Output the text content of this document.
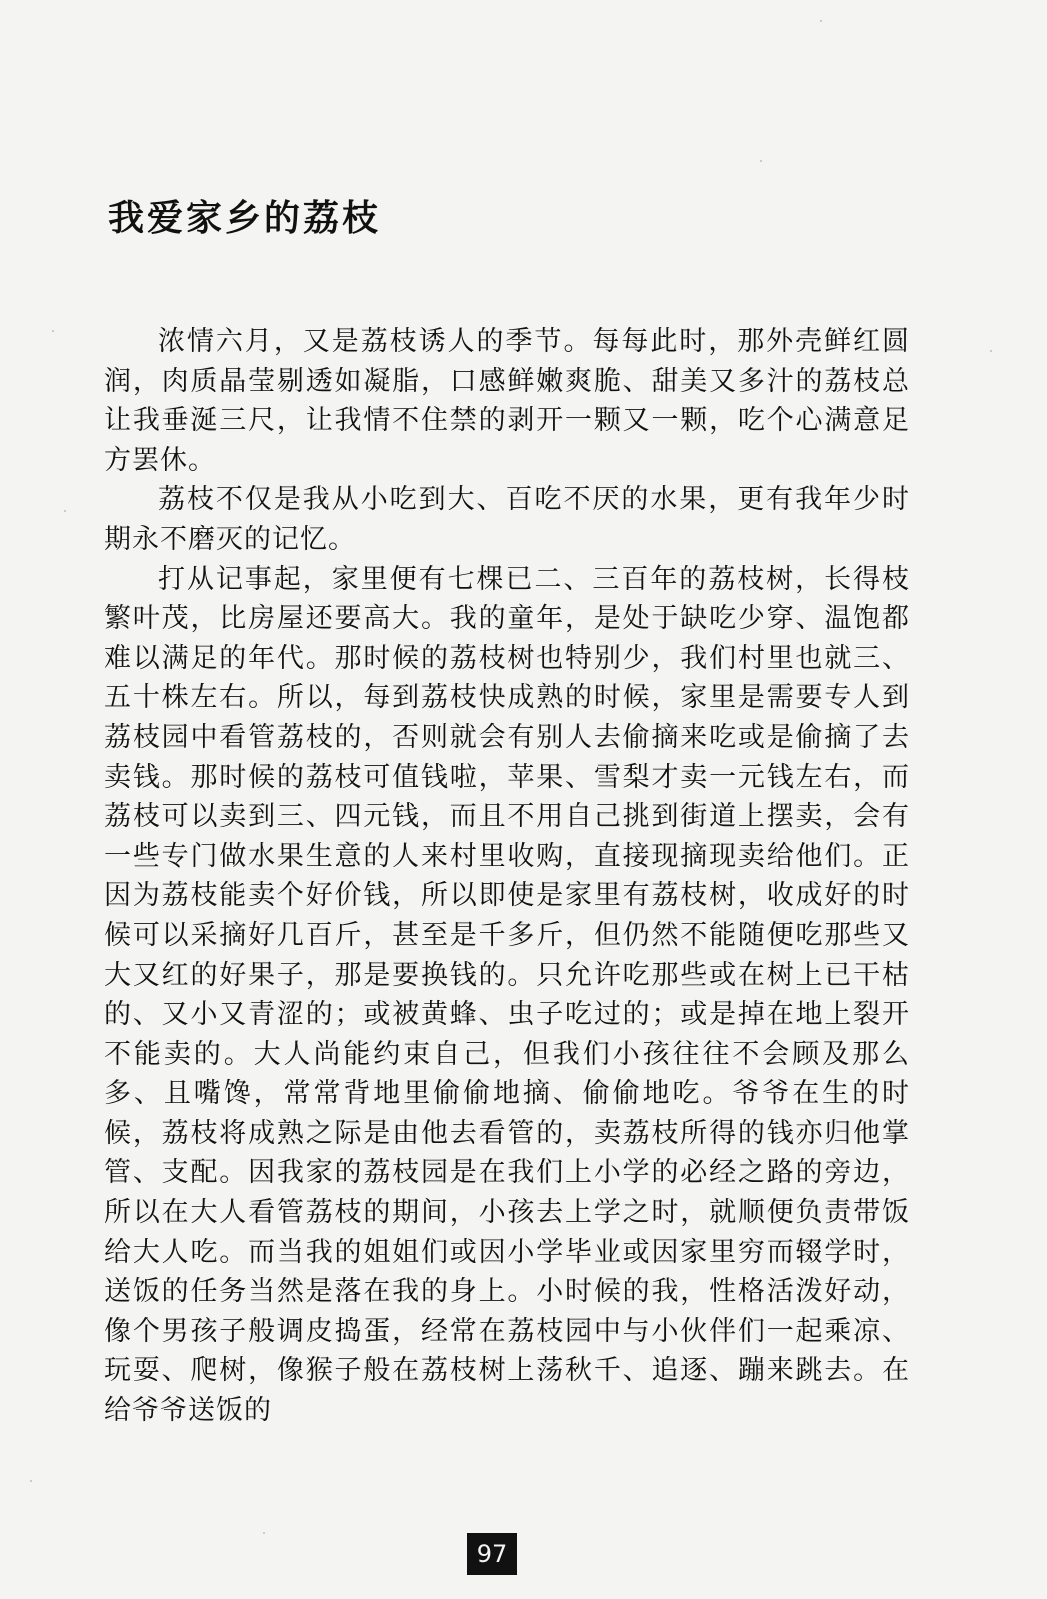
我爱家乡的荔枝

浓情六月，又是荔枝诱人的季节。每每此时，那外壳鲜红圆润，肉质晶莹剔透如凝脂，口感鲜嫩爽脆、甜美又多汁的荔枝总让我垂涎三尺，让我情不住禁的剥开一颗又一颗，吃个心满意足方罢休。

荔枝不仅是我从小吃到大、百吃不厌的水果，更有我年少时期永不磨灭的记忆。

打从记事起，家里便有七棵已二、三百年的荔枝树，长得枝繁叶茂，比房屋还要高大。我的童年，是处于缺吃少穿、温饱都难以满足的年代。那时候的荔枝树也特别少，我们村里也就三、五十株左右。所以，每到荔枝快成熟的时候，家里是需要专人到荔枝园中看管荔枝的，否则就会有别人去偷摘来吃或是偷摘了去卖钱。那时候的荔枝可值钱啦，苹果、雪梨才卖一元钱左右，而荔枝可以卖到三、四元钱，而且不用自己挑到街道上摆卖，会有一些专门做水果生意的人来村里收购，直接现摘现卖给他们。正因为荔枝能卖个好价钱，所以即使是家里有荔枝树，收成好的时候可以采摘好几百斤，甚至是千多斤，但仍然不能随便吃那些又大又红的好果子，那是要换钱的。只允许吃那些或在树上已干枯的、又小又青涩的；或被黄蜂、虫子吃过的；或是掉在地上裂开不能卖的。大人尚能约束自己，但我们小孩往往不会顾及那么多、且嘴馋，常常背地里偷偷地摘、偷偷地吃。爷爷在生的时候，荔枝将成熟之际是由他去看管的，卖荔枝所得的钱亦归他掌管、支配。因我家的荔枝园是在我们上小学的必经之路的旁边，所以在大人看管荔枝的期间，小孩去上学之时，就顺便负责带饭给大人吃。而当我的姐姐们或因小学毕业或因家里穷而辍学时，送饭的任务当然是落在我的身上。小时候的我，性格活泼好动，像个男孩子般调皮捣蛋，经常在荔枝园中与小伙伴们一起乘凉、玩耍、爬树，像猴子般在荔枝树上荡秋千、追逐、蹦来跳去。在给爷爷送饭的

97
